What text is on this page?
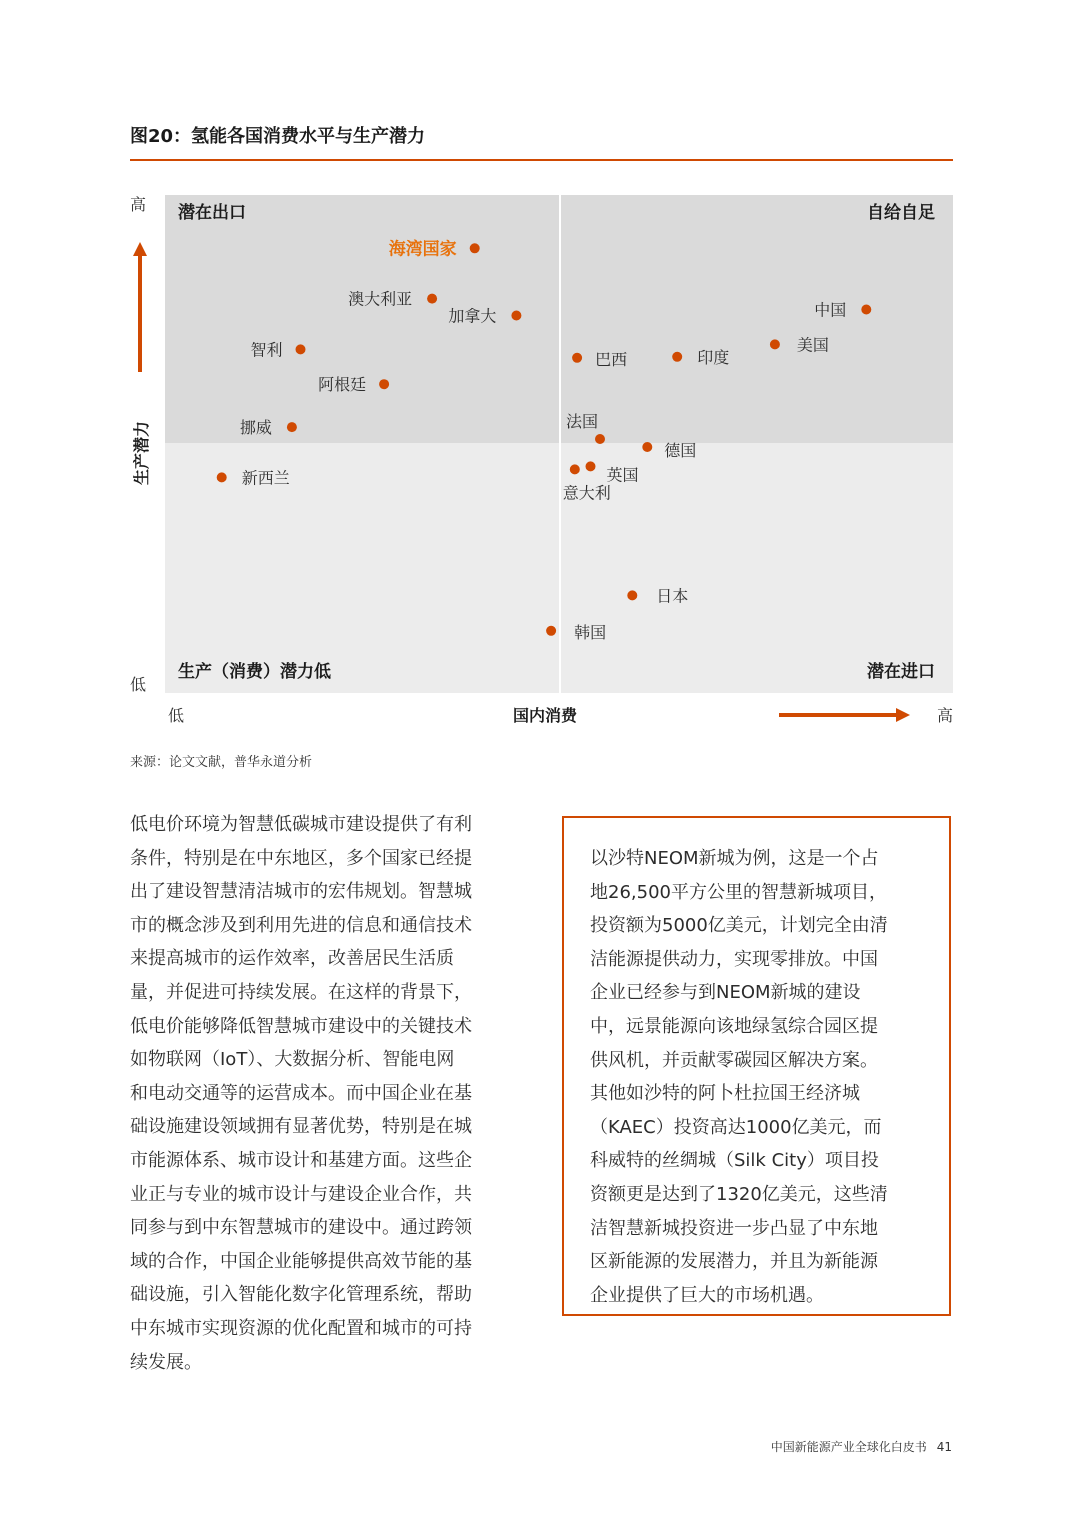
图20：氢能各国消费水平与生产潜力
潜在出口	自给自足
生产（消费）潜力低	潜在进口
高
生产潜力
低
低	国内消费	高
海湾国家
澳大利亚
加拿大
智利
阿根廷
挪威
新西兰
中国
美国
巴西	印度
法国
德国
英国
意大利
日本
韩国
来源：论文文献，普华永道分析
低电价环境为智慧低碳城市建设提供了有利
条件，特别是在中东地区，多个国家已经提
出了建设智慧清洁城市的宏伟规划。智慧城
市的概念涉及到利用先进的信息和通信技术
来提高城市的运作效率，改善居民生活质
量，并促进可持续发展。在这样的背景下，
低电价能够降低智慧城市建设中的关键技术
如物联网（IoT）、大数据分析、智能电网
和电动交通等的运营成本。而中国企业在基
础设施建设领域拥有显著优势，特别是在城
市能源体系、城市设计和基建方面。这些企
业正与专业的城市设计与建设企业合作，共
同参与到中东智慧城市的建设中。通过跨领
域的合作，中国企业能够提供高效节能的基
础设施，引入智能化数字化管理系统，帮助
中东城市实现资源的优化配置和城市的可持
续发展。
以沙特NEOM新城为例，这是一个占
地26,500平方公里的智慧新城项目，
投资额为5000亿美元，计划完全由清
洁能源提供动力，实现零排放。中国
企业已经参与到NEOM新城的建设
中，远景能源向该地绿氢综合园区提
供风机，并贡献零碳园区解决方案。
其他如沙特的阿卜杜拉国王经济城
（KAEC）投资高达1000亿美元，而
科威特的丝绸城（Silk City）项目投
资额更是达到了1320亿美元，这些清
洁智慧新城投资进一步凸显了中东地
区新能源的发展潜力，并且为新能源
企业提供了巨大的市场机遇。
中国新能源产业全球化白皮书 41
